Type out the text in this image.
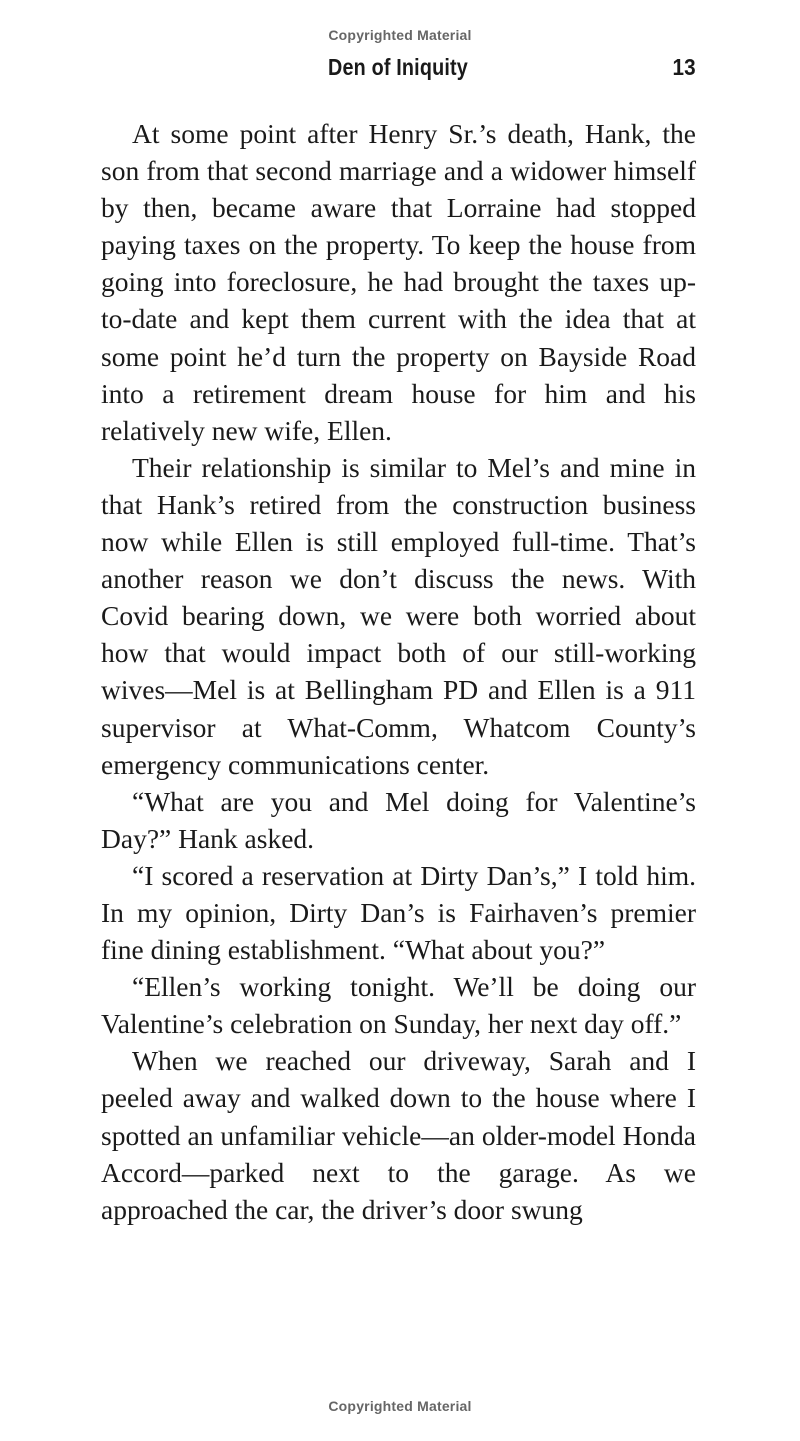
Copyrighted Material
Den of Iniquity	13

At some point after Henry Sr.’s death, Hank, the son from that second marriage and a widower himself by then, became aware that Lorraine had stopped paying taxes on the property. To keep the house from going into foreclosure, he had brought the taxes up-to-date and kept them current with the idea that at some point he’d turn the property on Bayside Road into a retirement dream house for him and his relatively new wife, Ellen.

Their relationship is similar to Mel’s and mine in that Hank’s retired from the construction business now while Ellen is still employed full-time. That’s another reason we don’t discuss the news. With Covid bearing down, we were both worried about how that would impact both of our still-working wives—Mel is at Bellingham PD and Ellen is a 911 supervisor at What-Comm, Whatcom County’s emergency communications center.

“What are you and Mel doing for Valentine’s Day?” Hank asked.

“I scored a reservation at Dirty Dan’s,” I told him. In my opinion, Dirty Dan’s is Fairhaven’s premier fine dining establishment. “What about you?”

“Ellen’s working tonight. We’ll be doing our Valentine’s celebration on Sunday, her next day off.”

When we reached our driveway, Sarah and I peeled away and walked down to the house where I spotted an unfamiliar vehicle—an older-model Honda Accord—parked next to the garage. As we approached the car, the driver’s door swung

Copyrighted Material
